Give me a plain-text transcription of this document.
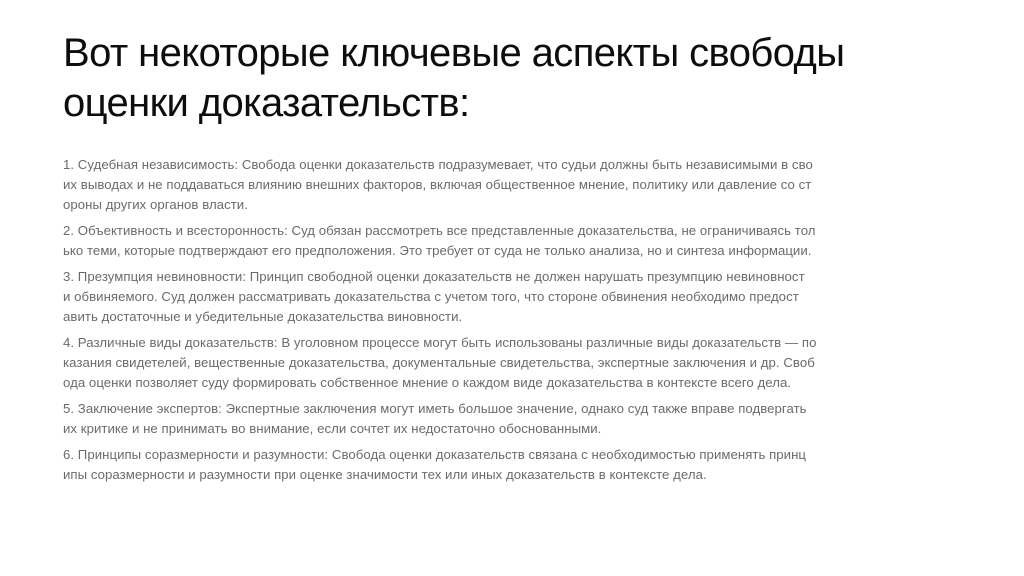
Вот некоторые ключевые аспекты свободы
оценки доказательств:
1. Судебная независимость: Свобода оценки доказательств подразумевает, что судьи должны быть независимыми в сво
их выводах и не поддаваться влиянию внешних факторов, включая общественное мнение, политику или давление со ст
ороны других органов власти.
2. Объективность и всесторонность: Суд обязан рассмотреть все представленные доказательства, не ограничиваясь тол
ько теми, которые подтверждают его предположения. Это требует от суда не только анализа, но и синтеза информации.
3. Презумпция невиновности: Принцип свободной оценки доказательств не должен нарушать презумпцию невиновност
и обвиняемого. Суд должен рассматривать доказательства с учетом того, что стороне обвинения необходимо предост
авить достаточные и убедительные доказательства виновности.
4. Различные виды доказательств: В уголовном процессе могут быть использованы различные виды доказательств — по
казания свидетелей, вещественные доказательства, документальные свидетельства, экспертные заключения и др. Своб
ода оценки позволяет суду формировать собственное мнение о каждом виде доказательства в контексте всего дела.
5. Заключение экспертов: Экспертные заключения могут иметь большое значение, однако суд также вправе подвергать
их критике и не принимать во внимание, если сочтет их недостаточно обоснованными.
6. Принципы соразмерности и разумности: Свобода оценки доказательств связана с необходимостью применять принц
ипы соразмерности и разумности при оценке значимости тех или иных доказательств в контексте дела.
